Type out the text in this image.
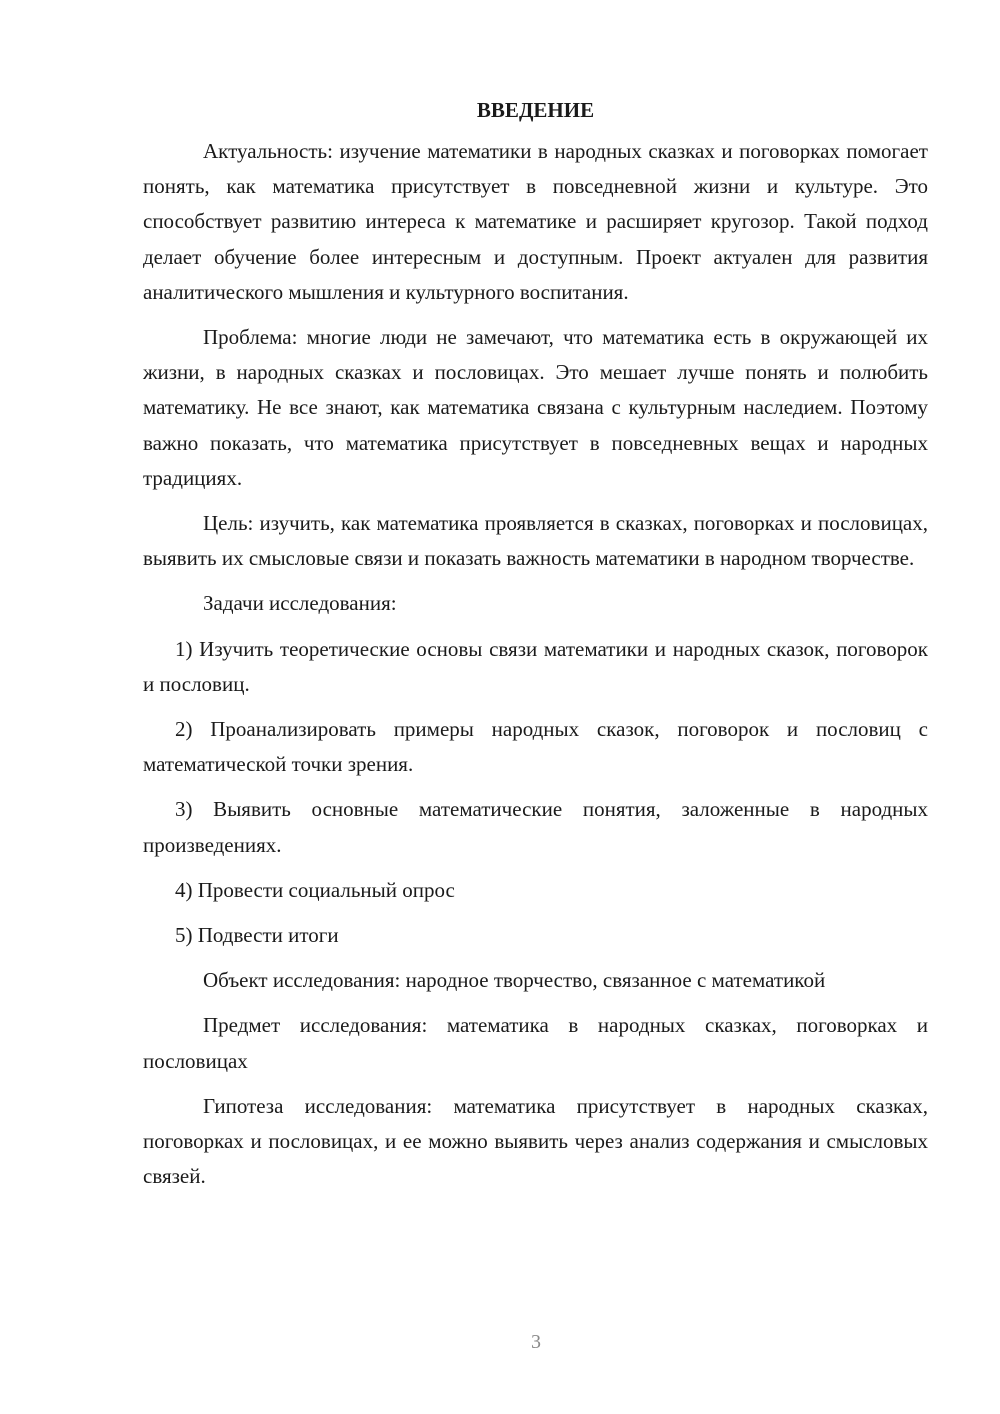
ВВЕДЕНИЕ

Актуальность: изучение математики в народных сказках и поговорках помогает понять, как математика присутствует в повседневной жизни и культуре. Это способствует развитию интереса к математике и расширяет кругозор. Такой подход делает обучение более интересным и доступным. Проект актуален для развития аналитического мышления и культурного воспитания.

Проблема: многие люди не замечают, что математика есть в окружающей их жизни, в народных сказках и пословицах. Это мешает лучше понять и полюбить математику. Не все знают, как математика связана с культурным наследием. Поэтому важно показать, что математика присутствует в повседневных вещах и народных традициях.

Цель: изучить, как математика проявляется в сказках, поговорках и пословицах, выявить их смысловые связи и показать важность математики в народном творчестве.

Задачи исследования:

1) Изучить теоретические основы связи математики и народных сказок, поговорок и пословиц.

2) Проанализировать примеры народных сказок, поговорок и пословиц с математической точки зрения.

3) Выявить основные математические понятия, заложенные в народных произведениях.

4) Провести социальный опрос

5) Подвести итоги

Объект исследования: народное творчество, связанное с математикой

Предмет исследования: математика в народных сказках, поговорках и пословицах

Гипотеза исследования: математика присутствует в народных сказках, поговорках и пословицах, и ее можно выявить через анализ содержания и смысловых связей.

3
